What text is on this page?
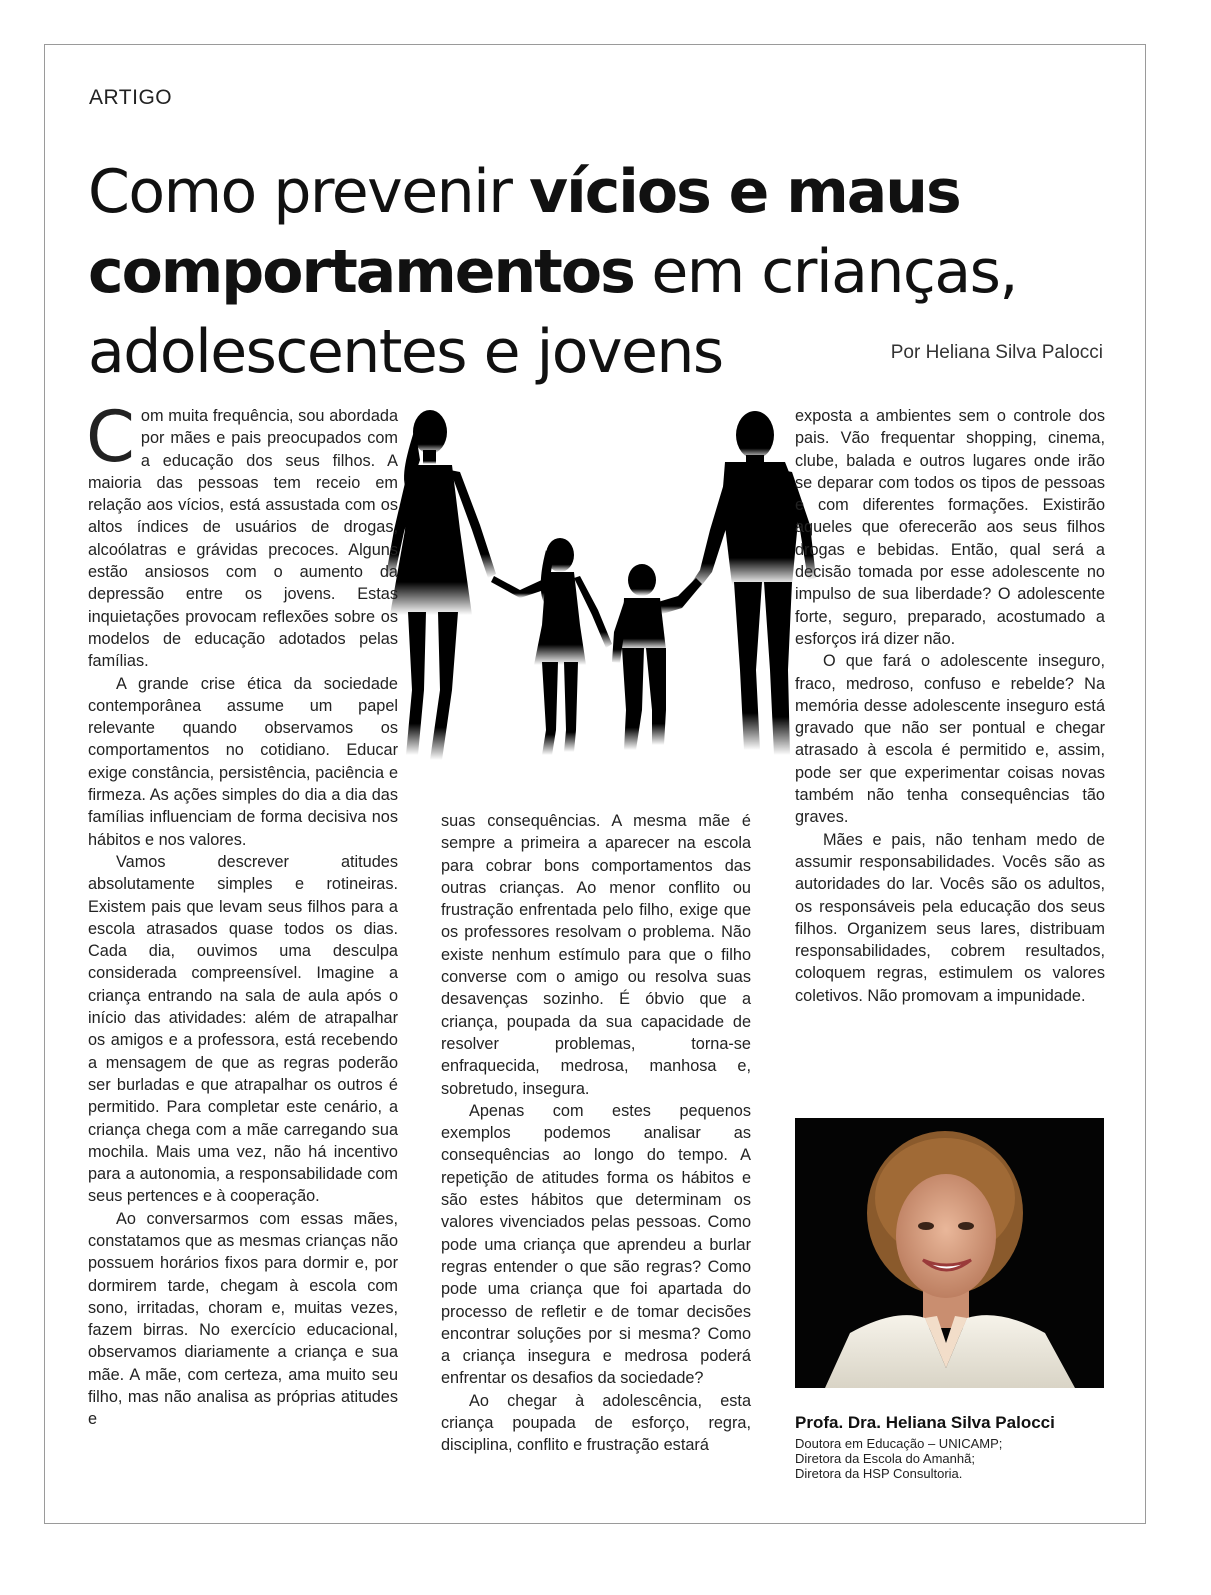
ARTIGO
Como prevenir vícios e maus comportamentos em crianças, adolescentes e jovens	Por Heliana Silva Palocci

Com muita frequência, sou abordada por mães e pais preocupados com a educação dos seus filhos. A maioria das pessoas tem receio em relação aos vícios, está assustada com os altos índices de usuários de drogas, alcoólatras e grávidas precoces. Alguns estão ansiosos com o aumento da depressão entre os jovens. Estas inquietações provocam reflexões sobre os modelos de educação adotados pelas famílias.

A grande crise ética da sociedade contemporânea assume um papel relevante quando observamos os comportamentos no cotidiano. Educar exige constância, persistência, paciência e firmeza. As ações simples do dia a dia das famílias influenciam de forma decisiva nos hábitos e nos valores.

Vamos descrever atitudes absolutamente simples e rotineiras. Existem pais que levam seus filhos para a escola atrasados quase todos os dias. Cada dia, ouvimos uma desculpa considerada compreensível. Imagine a criança entrando na sala de aula após o início das atividades: além de atrapalhar os amigos e a professora, está recebendo a mensagem de que as regras poderão ser burladas e que atrapalhar os outros é permitido. Para completar este cenário, a criança chega com a mãe carregando sua mochila. Mais uma vez, não há incentivo para a autonomia, a responsabilidade com seus pertences e à cooperação.

Ao conversarmos com essas mães, constatamos que as mesmas crianças não possuem horários fixos para dormir e, por dormirem tarde, chegam à escola com sono, irritadas, choram e, muitas vezes, fazem birras. No exercício educacional, observamos diariamente a criança e sua mãe. A mãe, com certeza, ama muito seu filho, mas não analisa as próprias atitudes e

suas consequências. A mesma mãe é sempre a primeira a aparecer na escola para cobrar bons comportamentos das outras crianças. Ao menor conflito ou frustração enfrentada pelo filho, exige que os professores resolvam o problema. Não existe nenhum estímulo para que o filho converse com o amigo ou resolva suas desavenças sozinho. É óbvio que a criança, poupada da sua capacidade de resolver problemas, torna-se enfraquecida, medrosa, manhosa e, sobretudo, insegura.

Apenas com estes pequenos exemplos podemos analisar as consequências ao longo do tempo. A repetição de atitudes forma os hábitos e são estes hábitos que determinam os valores vivenciados pelas pessoas. Como pode uma criança que aprendeu a burlar regras entender o que são regras? Como pode uma criança que foi apartada do processo de refletir e de tomar decisões encontrar soluções por si mesma? Como a criança insegura e medrosa poderá enfrentar os desafios da sociedade?

Ao chegar à adolescência, esta criança poupada de esforço, regra, disciplina, conflito e frustração estará

exposta a ambientes sem o controle dos pais. Vão frequentar shopping, cinema, clube, balada e outros lugares onde irão se deparar com todos os tipos de pessoas e com diferentes formações. Existirão aqueles que oferecerão aos seus filhos drogas e bebidas. Então, qual será a decisão tomada por esse adolescente no impulso de sua liberdade? O adolescente forte, seguro, preparado, acostumado a esforços irá dizer não.

O que fará o adolescente inseguro, fraco, medroso, confuso e rebelde? Na memória desse adolescente inseguro está gravado que não ser pontual e chegar atrasado à escola é permitido e, assim, pode ser que experimentar coisas novas também não tenha consequências tão graves.

Mães e pais, não tenham medo de assumir responsabilidades. Vocês são as autoridades do lar. Vocês são os adultos, os responsáveis pela educação dos seus filhos. Organizem seus lares, distribuam responsabilidades, cobrem resultados, coloquem regras, estimulem os valores coletivos. Não promovam a impunidade.

Profa. Dra. Heliana Silva Palocci

Doutora em Educação – UNICAMP;

Diretora da Escola do Amanhã;

Diretora da HSP Consultoria.
